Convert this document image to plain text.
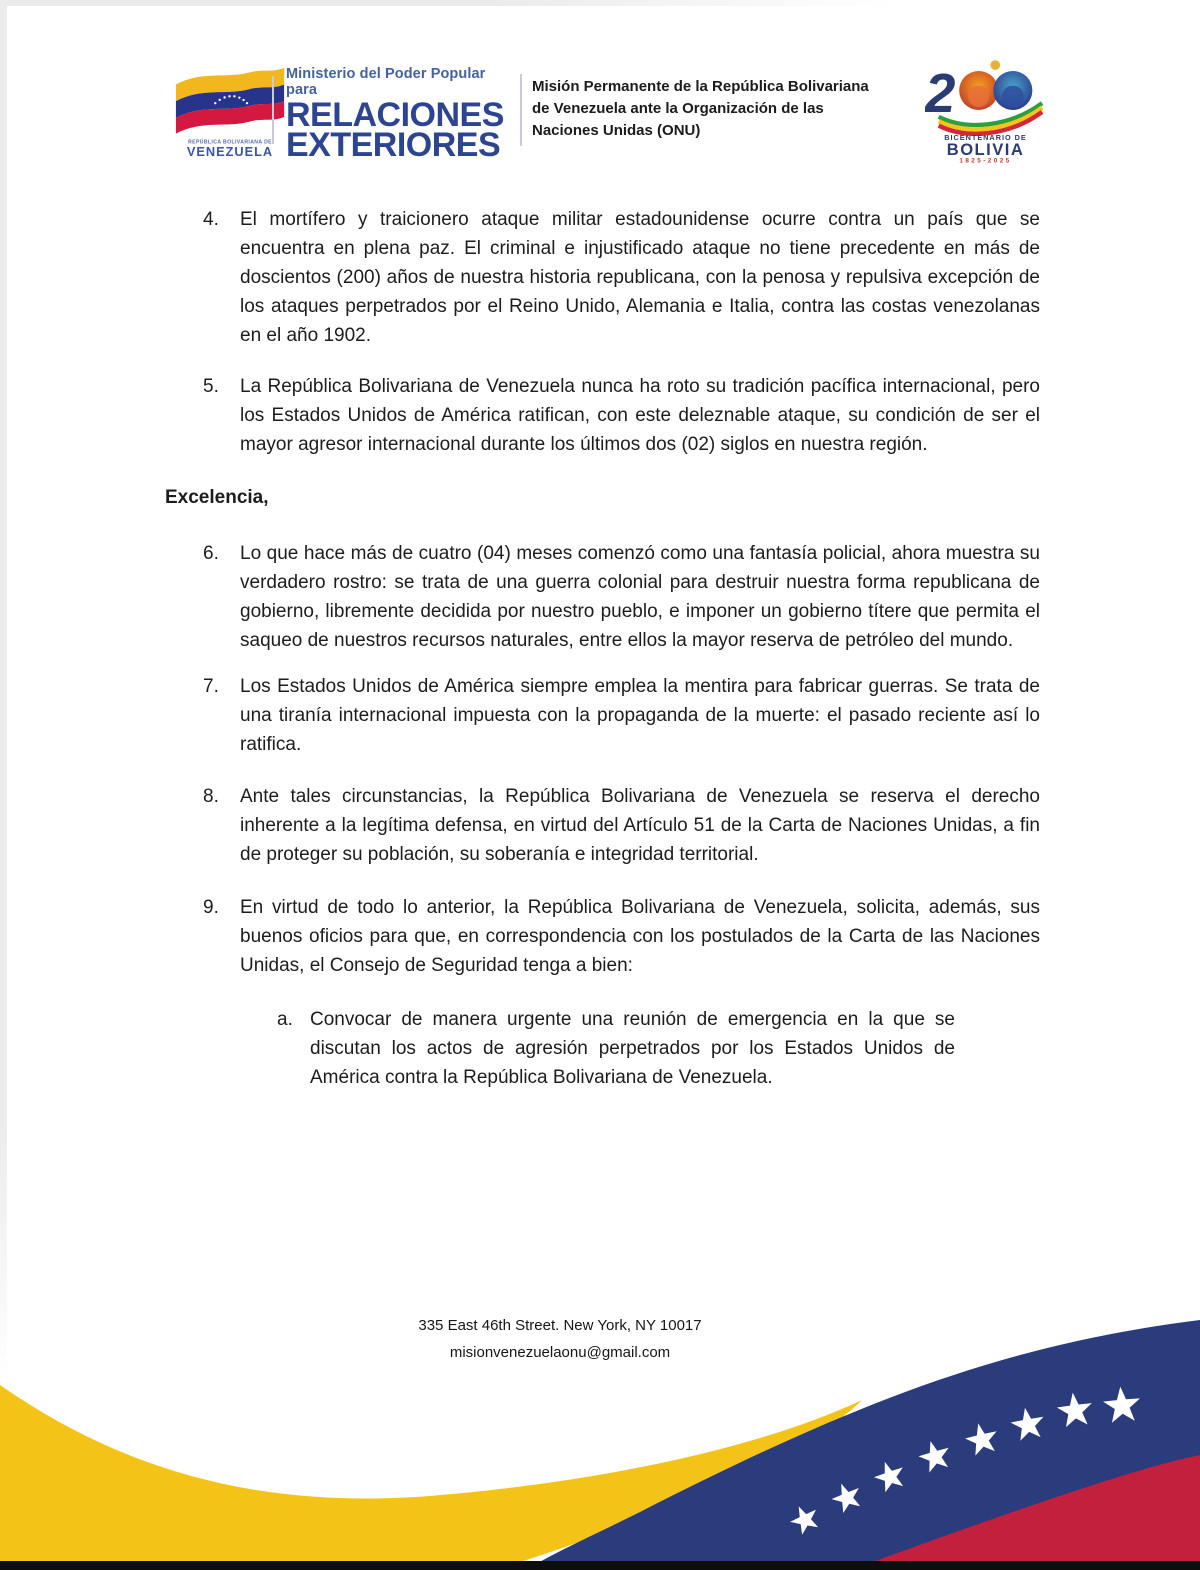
REPÚBLICA BOLIVARIANA DE
VENEZUELA
Ministerio del Poder Popular para
RELACIONES
EXTERIORES
Misión Permanente de la República Bolivariana
de Venezuela ante la Organización de las
Naciones Unidas (ONU)
2
BICENTENARIO DE
BOLIVIA
1825-2025
4.	El mortífero y traicionero ataque militar estadounidense ocurre contra un país que se encuentra en plena paz. El criminal e injustificado ataque no tiene precedente en más de doscientos (200) años de nuestra historia republicana, con la penosa y repulsiva excepción de los ataques perpetrados por el Reino Unido, Alemania e Italia, contra las costas venezolanas en el año 1902.

5.	La República Bolivariana de Venezuela nunca ha roto su tradición pacífica internacional, pero los Estados Unidos de América ratifican, con este deleznable ataque, su condición de ser el mayor agresor internacional durante los últimos dos (02) siglos en nuestra región.

Excelencia,
6.	Lo que hace más de cuatro (04) meses comenzó como una fantasía policial, ahora muestra su verdadero rostro: se trata de una guerra colonial para destruir nuestra forma republicana de gobierno, libremente decidida por nuestro pueblo, e imponer un gobierno títere que permita el saqueo de nuestros recursos naturales, entre ellos la mayor reserva de petróleo del mundo.

7.	Los Estados Unidos de América siempre emplea la mentira para fabricar guerras. Se trata de una tiranía internacional impuesta con la propaganda de la muerte: el pasado reciente así lo ratifica.

8.	Ante tales circunstancias, la República Bolivariana de Venezuela se reserva el derecho inherente a la legítima defensa, en virtud del Artículo 51 de la Carta de Naciones Unidas, a fin de proteger su población, su soberanía e integridad territorial.

9.	En virtud de todo lo anterior, la República Bolivariana de Venezuela, solicita, además, sus buenos oficios para que, en correspondencia con los postulados de la Carta de las Naciones Unidas, el Consejo de Seguridad tenga a bien:

a. Convocar de manera urgente una reunión de emergencia en la que se discutan los actos de agresión perpetrados por los Estados Unidos de América contra la República Bolivariana de Venezuela.

335 East 46th Street. New York, NY 10017
misionvenezuelaonu@gmail.com
